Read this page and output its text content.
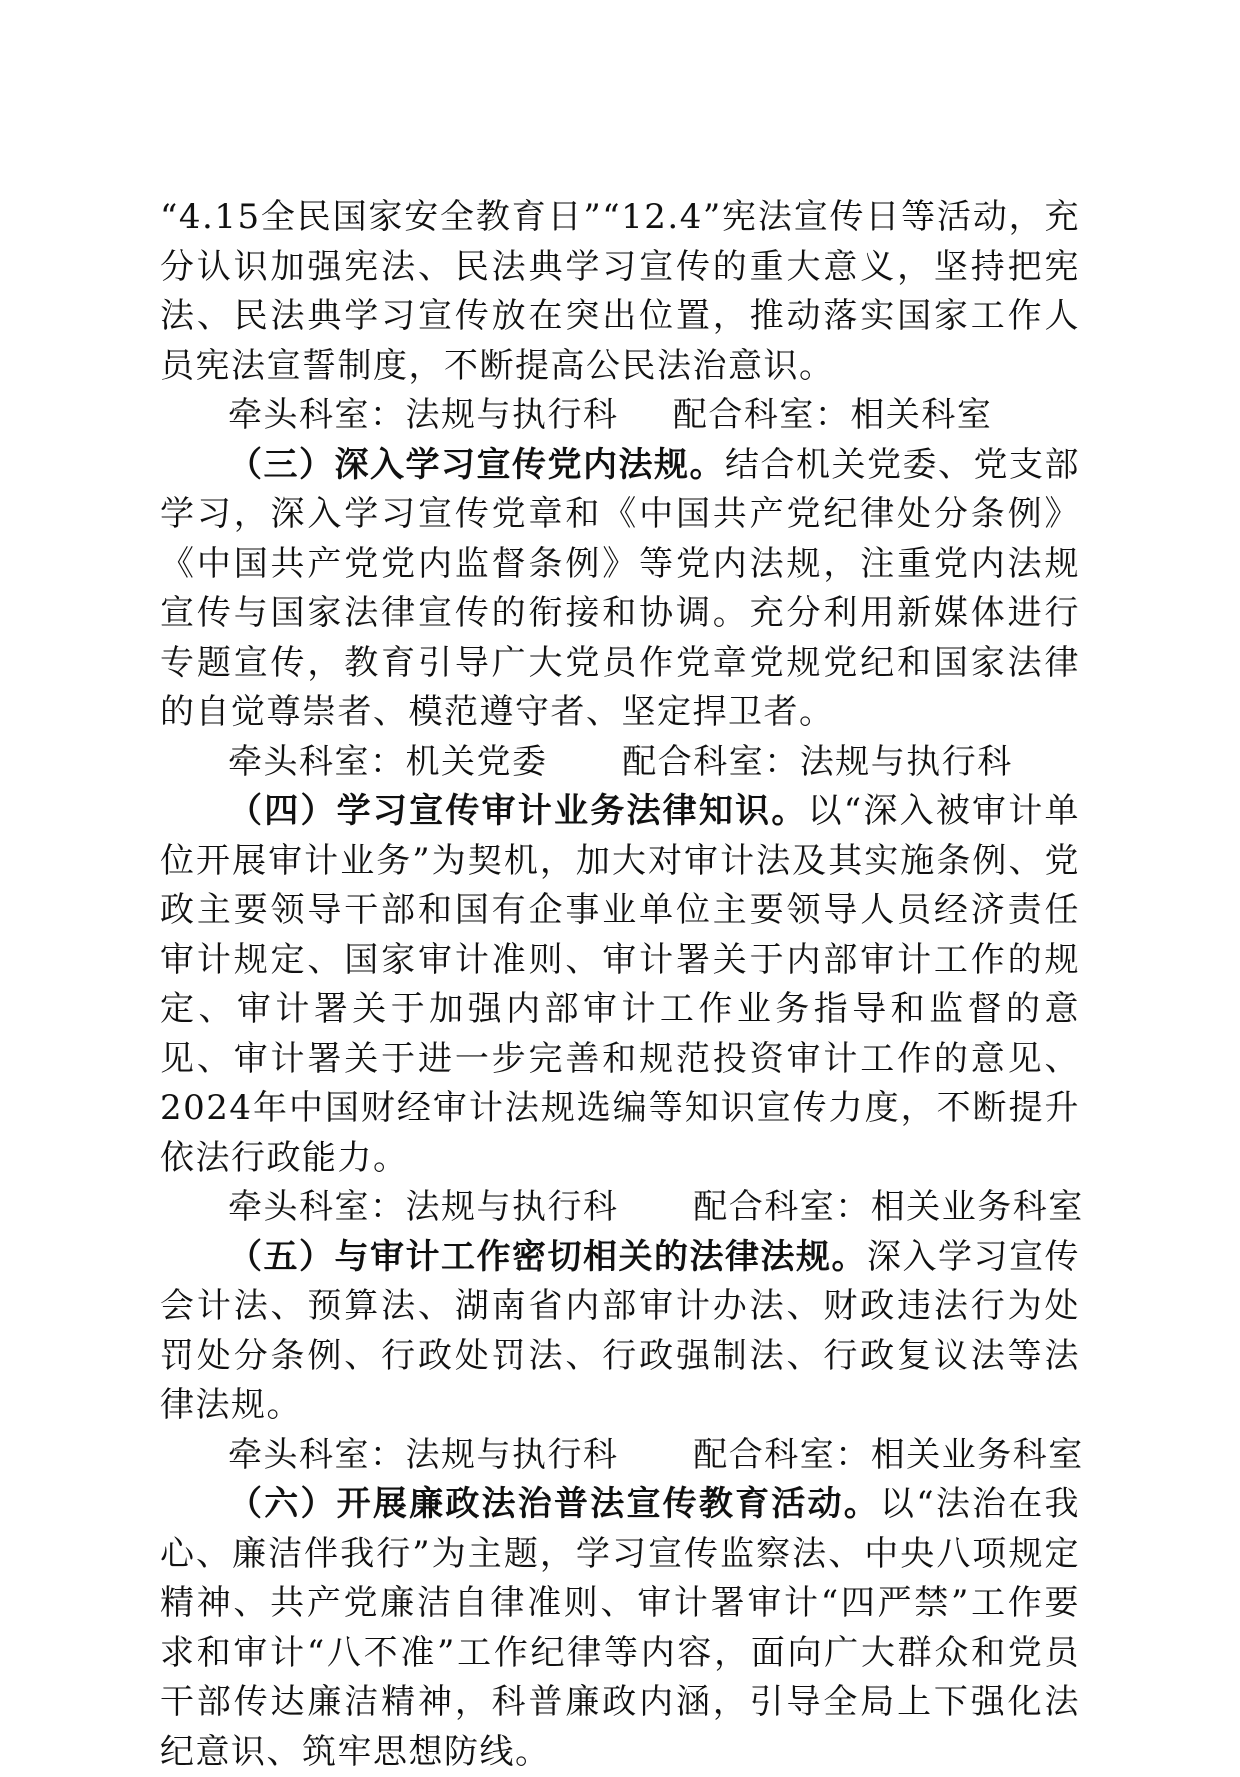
“4.15全民国家安全教育日”“12.4”宪法宣传日等活动，充分认识加强宪法、民法典学习宣传的重大意义，坚持把宪法、民法典学习宣传放在突出位置，推动落实国家工作人员宪法宣誓制度，不断提高公民法治意识。

牵头科室：法规与执行科 配合科室：相关科室

（三）深入学习宣传党内法规。结合机关党委、党支部学习，深入学习宣传党章和《中国共产党纪律处分条例》《中国共产党党内监督条例》等党内法规，注重党内法规宣传与国家法律宣传的衔接和协调。充分利用新媒体进行专题宣传，教育引导广大党员作党章党规党纪和国家法律的自觉尊崇者、模范遵守者、坚定捍卫者。

牵头科室：机关党委 配合科室：法规与执行科

（四）学习宣传审计业务法律知识。以“深入被审计单位开展审计业务”为契机，加大对审计法及其实施条例、党政主要领导干部和国有企事业单位主要领导人员经济责任审计规定、国家审计准则、审计署关于内部审计工作的规定、审计署关于加强内部审计工作业务指导和监督的意见、审计署关于进一步完善和规范投资审计工作的意见、2024年中国财经审计法规选编等知识宣传力度，不断提升依法行政能力。

牵头科室：法规与执行科 配合科室：相关业务科室

（五）与审计工作密切相关的法律法规。深入学习宣传会计法、预算法、湖南省内部审计办法、财政违法行为处罚处分条例、行政处罚法、行政强制法、行政复议法等法律法规。

牵头科室：法规与执行科 配合科室：相关业务科室

（六）开展廉政法治普法宣传教育活动。以“法治在我心、廉洁伴我行”为主题，学习宣传监察法、中央八项规定精神、共产党廉洁自律准则、审计署审计“四严禁”工作要求和审计“八不准”工作纪律等内容，面向广大群众和党员干部传达廉洁精神，科普廉政内涵，引导全局上下强化法纪意识、筑牢思想防线。
